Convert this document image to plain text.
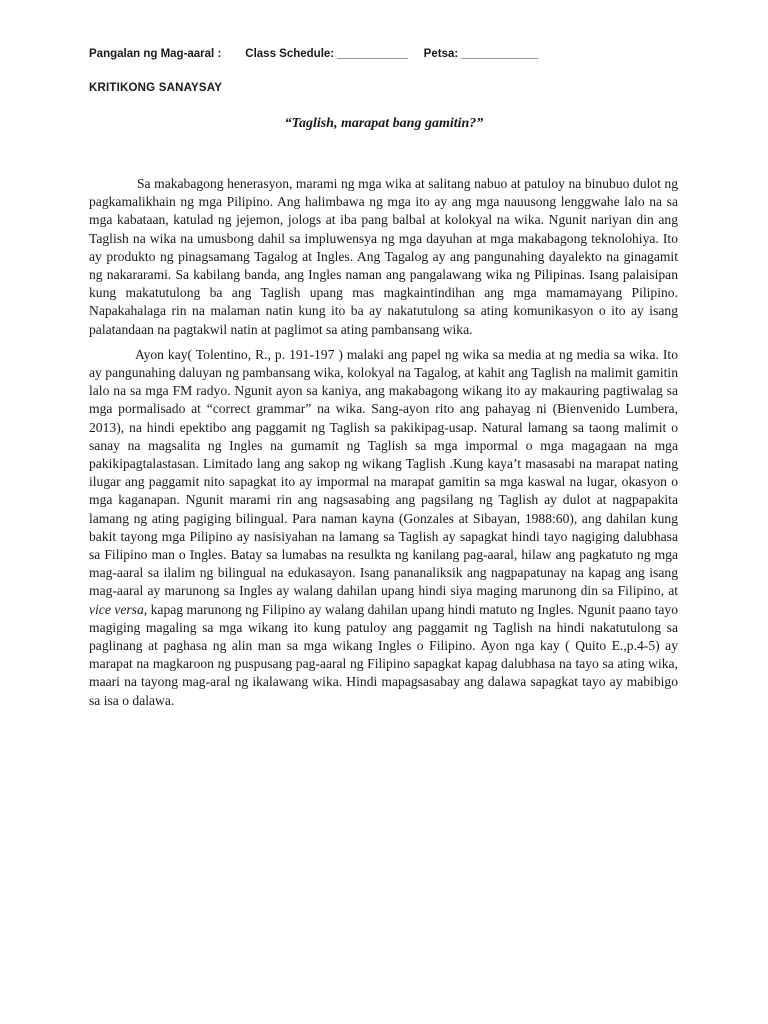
Pangalan ng Mag-aaral : Class Schedule: ___________ Petsa: ____________
KRITIKONG SANAYSAY
“Taglish, marapat bang gamitin?”

Sa makabagong henerasyon, marami ng mga wika at salitang nabuo at patuloy na binubuo dulot ng pagkamalikhain ng mga Pilipino. Ang halimbawa ng mga ito ay ang mga nauusong lenggwahe lalo na sa mga kabataan, katulad ng jejemon, jologs at iba pang balbal at kolokyal na wika. Ngunit nariyan din ang Taglish na wika na umusbong dahil sa impluwensya ng mga dayuhan at mga makabagong teknolohiya. Ito ay produkto ng pinagsamang Tagalog at Ingles. Ang Tagalog ay ang pangunahing dayalekto na ginagamit ng nakararami. Sa kabilang banda, ang Ingles naman ang pangalawang wika ng Pilipinas. Isang palaisipan kung makatutulong ba ang Taglish upang mas magkaintindihan ang mga mamamayang Pilipino. Napakahalaga rin na malaman natin kung ito ba ay nakatutulong sa ating komunikasyon o ito ay isang palatandaan na pagtakwil natin at paglimot sa ating pambansang wika.

Ayon kay( Tolentino, R., p. 191-197 ) malaki ang papel ng wika sa media at ng media sa wika. Ito ay pangunahing daluyan ng pambansang wika, kolokyal na Tagalog, at kahit ang Taglish na malimit gamitin lalo na sa mga FM radyo. Ngunit ayon sa kaniya, ang makabagong wikang ito ay makauring pagtiwalag sa mga pormalisado at “correct grammar” na wika. Sang-ayon rito ang pahayag ni (Bienvenido Lumbera, 2013), na hindi epektibo ang paggamit ng Taglish sa pakikipag-usap. Natural lamang sa taong malimit o sanay na magsalita ng Ingles na gumamit ng Taglish sa mga impormal o mga magagaan na mga pakikipagtalastasan. Limitado lang ang sakop ng wikang Taglish .Kung kaya’t masasabi na marapat nating ilugar ang paggamit nito sapagkat ito ay impormal na marapat gamitin sa mga kaswal na lugar, okasyon o mga kaganapan. Ngunit marami rin ang nagsasabing ang pagsilang ng Taglish ay dulot at nagpapakita lamang ng ating pagiging bilingual. Para naman kayna (Gonzales at Sibayan, 1988:60), ang dahilan kung bakit tayong mga Pilipino ay nasisiyahan na lamang sa Taglish ay sapagkat hindi tayo nagiging dalubhasa sa Filipino man o Ingles. Batay sa lumabas na resulkta ng kanilang pag-aaral, hilaw ang pagkatuto ng mga mag-aaral sa ilalim ng bilingual na edukasayon. Isang pananaliksik ang nagpapatunay na kapag ang isang mag-aaral ay marunong sa Ingles ay walang dahilan upang hindi siya maging marunong din sa Filipino, at vice versa, kapag marunong ng Filipino ay walang dahilan upang hindi matuto ng Ingles. Ngunit paano tayo magiging magaling sa mga wikang ito kung patuloy ang paggamit ng Taglish na hindi nakatutulong sa paglinang at paghasa ng alin man sa mga wikang Ingles o Filipino. Ayon nga kay ( Quito E.,p.4-5) ay marapat na magkaroon ng puspusang pag-aaral ng Filipino sapagkat kapag dalubhasa na tayo sa ating wika, maari na tayong mag-aral ng ikalawang wika. Hindi mapagsasabay ang dalawa sapagkat tayo ay mabibigo sa isa o dalawa.
